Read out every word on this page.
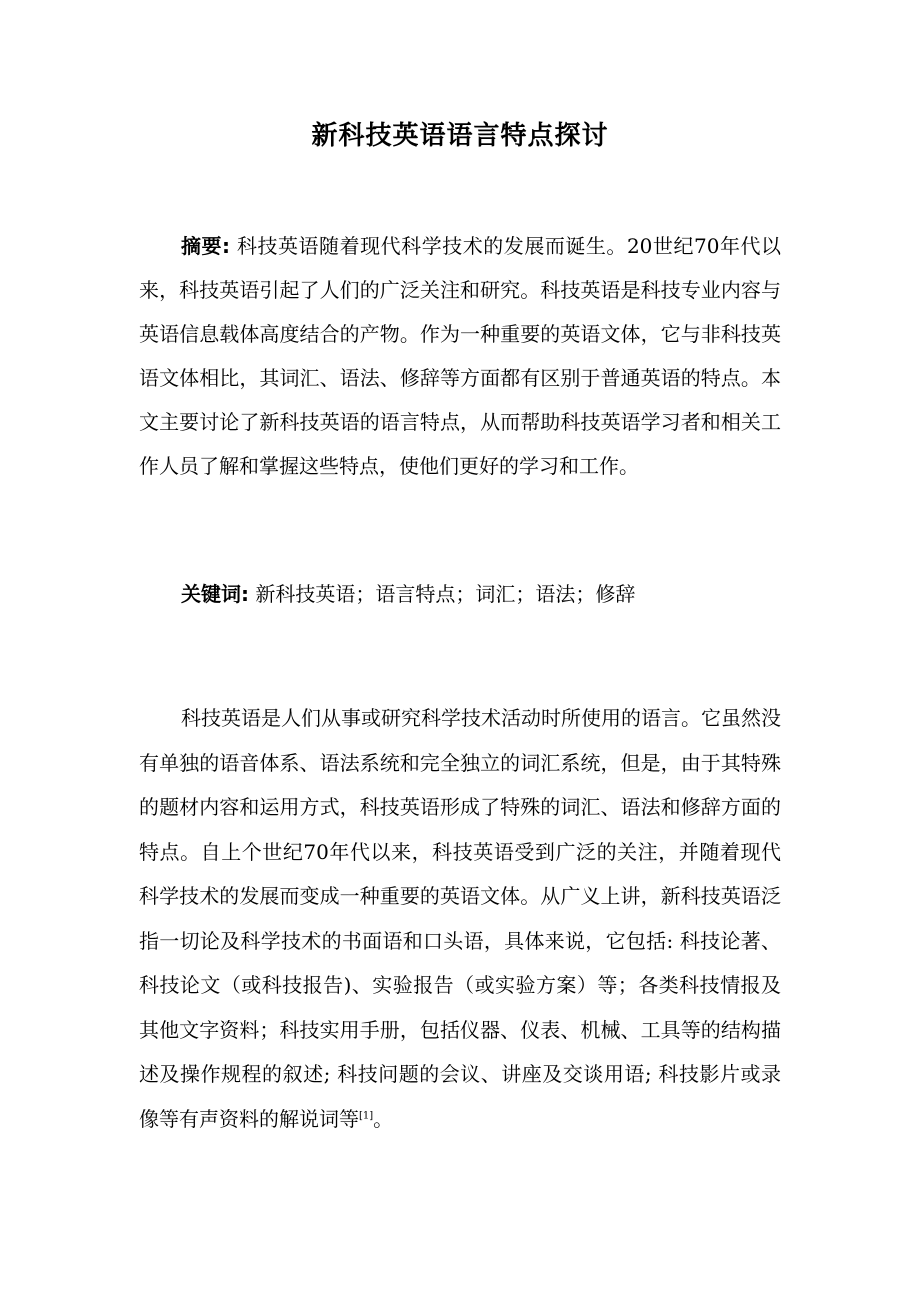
新科技英语语言特点探讨

摘要: 科技英语随着现代科学技术的发展而诞生。20世纪70年代以来，科技英语引起了人们的广泛关注和研究。科技英语是科技专业内容与英语信息载体高度结合的产物。作为一种重要的英语文体，它与非科技英语文体相比，其词汇、语法、修辞等方面都有区别于普通英语的特点。本文主要讨论了新科技英语的语言特点，从而帮助科技英语学习者和相关工作人员了解和掌握这些特点，使他们更好的学习和工作。

关键词: 新科技英语；语言特点；词汇；语法；修辞

科技英语是人们从事或研究科学技术活动时所使用的语言。它虽然没有单独的语音体系、语法系统和完全独立的词汇系统，但是，由于其特殊的题材内容和运用方式，科技英语形成了特殊的词汇、语法和修辞方面的特点。自上个世纪70年代以来，科技英语受到广泛的关注，并随着现代科学技术的发展而变成一种重要的英语文体。从广义上讲，新科技英语泛指一切论及科学技术的书面语和口头语，具体来说，它包括: 科技论著、科技论文（或科技报告)、实验报告（或实验方案）等；各类科技情报及其他文字资料；科技实用手册，包括仪器、仪表、机械、工具等的结构描述及操作规程的叙述; 科技问题的会议、讲座及交谈用语; 科技影片或录像等有声资料的解说词等[1]。
